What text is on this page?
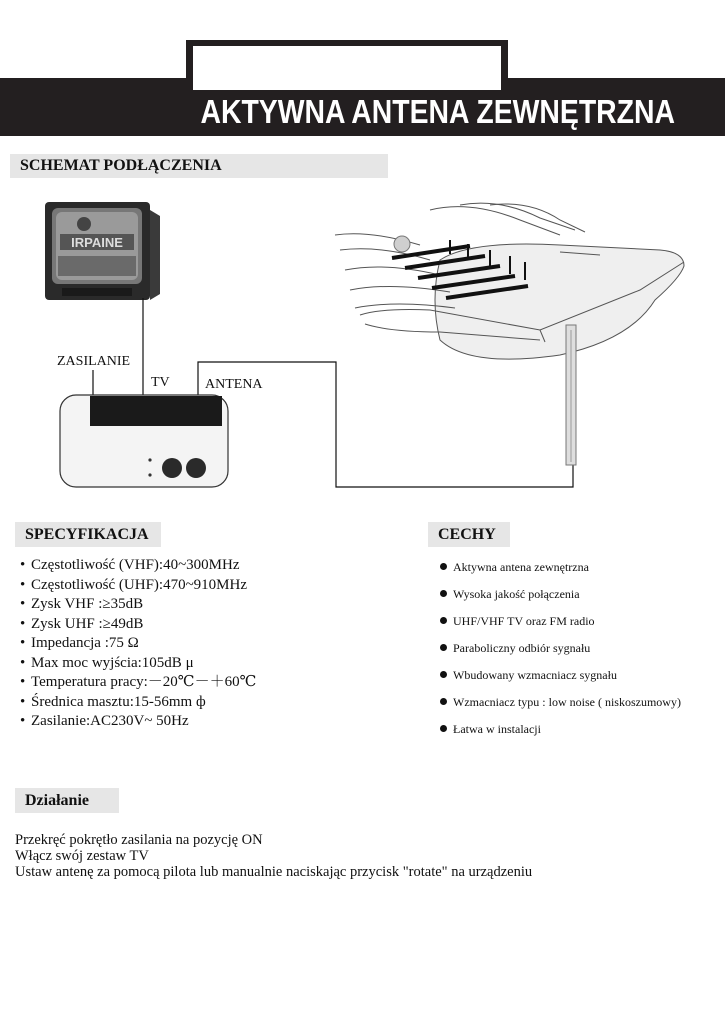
AKTYWNA ANTENA ZEWNĘTRZNA
SCHEMAT PODŁĄCZENIA
IRPAINE
ZASILANIE
TV	ANTENA
SPECYFIKACJA
• Częstotliwość (VHF):40~300MHz
• Częstotliwość (UHF):470~910MHz
• Zysk VHF :≥35dB
• Zysk UHF :≥49dB
• Impedancja :75 Ω
• Max moc wyjścia:105dB μ
• Temperatura pracy:－20℃－＋60℃
• Średnica masztu:15-56mm ф
• Zasilanie:AC230V~ 50Hz
CECHY
Aktywna antena zewnętrzna
Wysoka jakość połączenia
UHF/VHF TV oraz FM radio
Paraboliczny odbiór sygnału
Wbudowany wzmacniacz sygnału
Wzmacniacz typu : low noise ( niskoszumowy)
Łatwa w instalacji
Działanie
Przekręć pokrętło zasilania na pozycję ON
Włącz swój zestaw TV
Ustaw antenę za pomocą pilota lub manualnie naciskając przycisk "rotate" na urządzeniu
